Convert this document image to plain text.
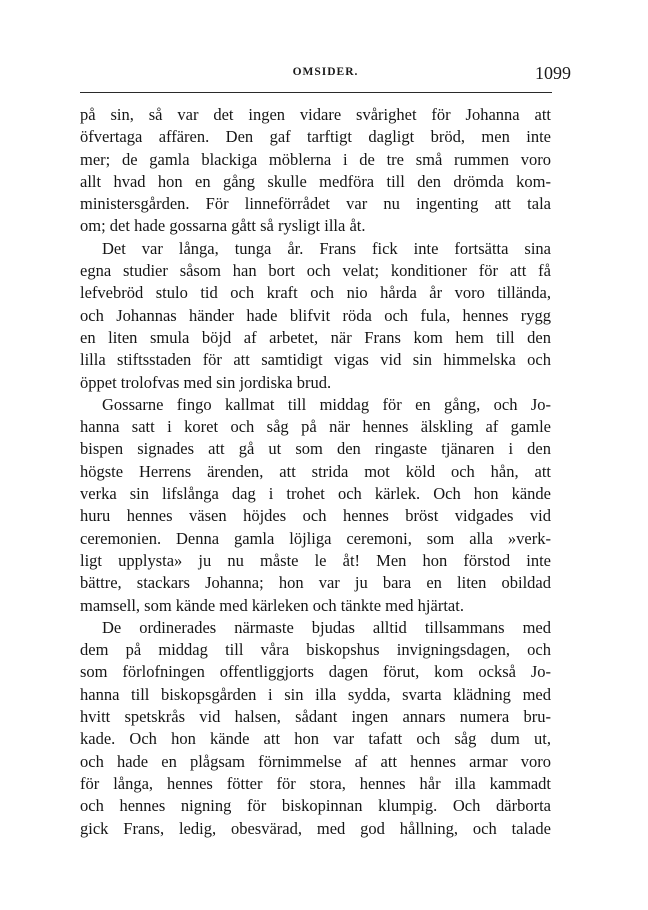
OMSIDER.	1099
på sin, så var det ingen vidare svårighet för Johanna att
öfvertaga affären. Den gaf tarftigt dagligt bröd, men inte
mer; de gamla blackiga möblerna i de tre små rummen voro
allt hvad hon en gång skulle medföra till den drömda kom-
ministersgården. För linneförrådet var nu ingenting att tala
om; det hade gossarna gått så rysligt illa åt.
Det var långa, tunga år. Frans fick inte fortsätta sina
egna studier såsom han bort och velat; konditioner för att få
lefvebröd stulo tid och kraft och nio hårda år voro tillända,
och Johannas händer hade blifvit röda och fula, hennes rygg
en liten smula böjd af arbetet, när Frans kom hem till den
lilla stiftsstaden för att samtidigt vigas vid sin himmelska och
öppet trolofvas med sin jordiska brud.
Gossarne fingo kallmat till middag för en gång, och Jo-
hanna satt i koret och såg på när hennes älskling af gamle
bispen signades att gå ut som den ringaste tjänaren i den
högste Herrens ärenden, att strida mot köld och hån, att
verka sin lifslånga dag i trohet och kärlek. Och hon kände
huru hennes väsen höjdes och hennes bröst vidgades vid
ceremonien. Denna gamla löjliga ceremoni, som alla »verk-
ligt upplysta» ju nu måste le åt! Men hon förstod inte
bättre, stackars Johanna; hon var ju bara en liten obildad
mamsell, som kände med kärleken och tänkte med hjärtat.
De ordinerades närmaste bjudas alltid tillsammans med
dem på middag till våra biskopshus invigningsdagen, och
som förlofningen offentliggjorts dagen förut, kom också Jo-
hanna till biskopsgården i sin illa sydda, svarta klädning med
hvitt spetskrås vid halsen, sådant ingen annars numera bru-
kade. Och hon kände att hon var tafatt och såg dum ut,
och hade en plågsam förnimmelse af att hennes armar voro
för långa, hennes fötter för stora, hennes hår illa kammadt
och hennes nigning för biskopinnan klumpig. Och därborta
gick Frans, ledig, obesvärad, med god hållning, och talade
